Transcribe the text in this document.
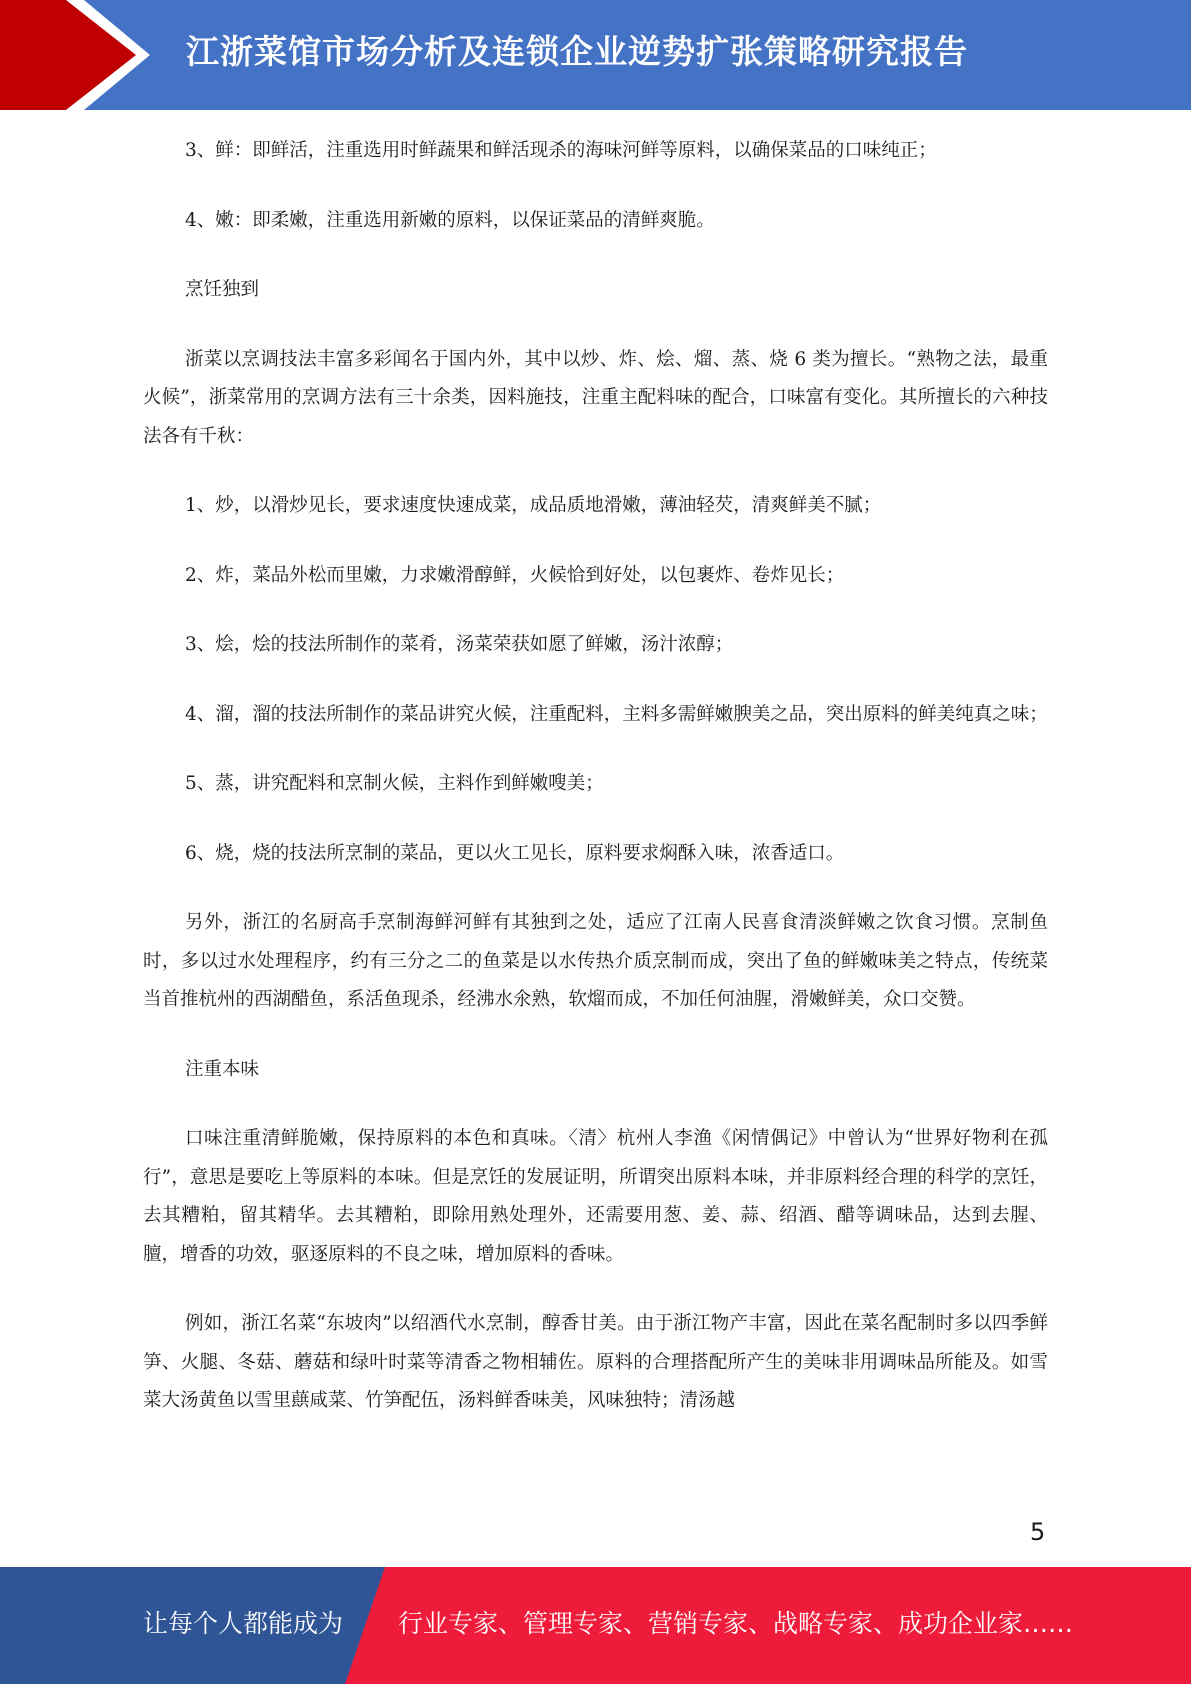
江浙菜馆市场分析及连锁企业逆势扩张策略研究报告

3、鲜：即鲜活，注重选用时鲜蔬果和鲜活现杀的海味河鲜等原料，以确保菜品的口味纯正；

4、嫩：即柔嫩，注重选用新嫩的原料，以保证菜品的清鲜爽脆。

烹饪独到

浙菜以烹调技法丰富多彩闻名于国内外，其中以炒、炸、烩、熘、蒸、烧 6 类为擅长。“熟物之法，最重火候”，浙菜常用的烹调方法有三十余类，因料施技，注重主配料味的配合，口味富有变化。其所擅长的六种技法各有千秋：

1、炒，以滑炒见长，要求速度快速成菜，成品质地滑嫩，薄油轻芡，清爽鲜美不腻；

2、炸，菜品外松而里嫩，力求嫩滑醇鲜，火候恰到好处，以包裹炸、卷炸见长；

3、烩，烩的技法所制作的菜肴，汤菜荣获如愿了鲜嫩，汤汁浓醇；

4、溜，溜的技法所制作的菜品讲究火候，注重配料，主料多需鲜嫩腴美之品，突出原料的鲜美纯真之味；

5、蒸，讲究配料和烹制火候，主料作到鲜嫩嗖美；

6、烧，烧的技法所烹制的菜品，更以火工见长，原料要求焖酥入味，浓香适口。

另外，浙江的名厨高手烹制海鲜河鲜有其独到之处，适应了江南人民喜食清淡鲜嫩之饮食习惯。烹制鱼时，多以过水处理程序，约有三分之二的鱼菜是以水传热介质烹制而成，突出了鱼的鲜嫩味美之特点，传统菜当首推杭州的西湖醋鱼，系活鱼现杀，经沸水氽熟，软熘而成，不加任何油腥，滑嫩鲜美，众口交赞。

注重本味

口味注重清鲜脆嫩，保持原料的本色和真味。〈清〉杭州人李渔《闲情偶记》中曾认为“世界好物利在孤行”，意思是要吃上等原料的本味。但是烹饪的发展证明，所谓突出原料本味，并非原料经合理的科学的烹饪，去其糟粕，留其精华。去其糟粕，即除用熟处理外，还需要用葱、姜、蒜、绍酒、醋等调味品，达到去腥、膻，增香的功效，驱逐原料的不良之味，增加原料的香味。

例如，浙江名菜“东坡肉”以绍酒代水烹制，醇香甘美。由于浙江物产丰富，因此在菜名配制时多以四季鲜笋、火腿、冬菇、蘑菇和绿叶时菜等清香之物相辅佐。原料的合理搭配所产生的美味非用调味品所能及。如雪菜大汤黄鱼以雪里蕻咸菜、竹笋配伍，汤料鲜香味美，风味独特；清汤越

5
让每个人都能成为 行业专家、管理专家、营销专家、战略专家、成功企业家……
